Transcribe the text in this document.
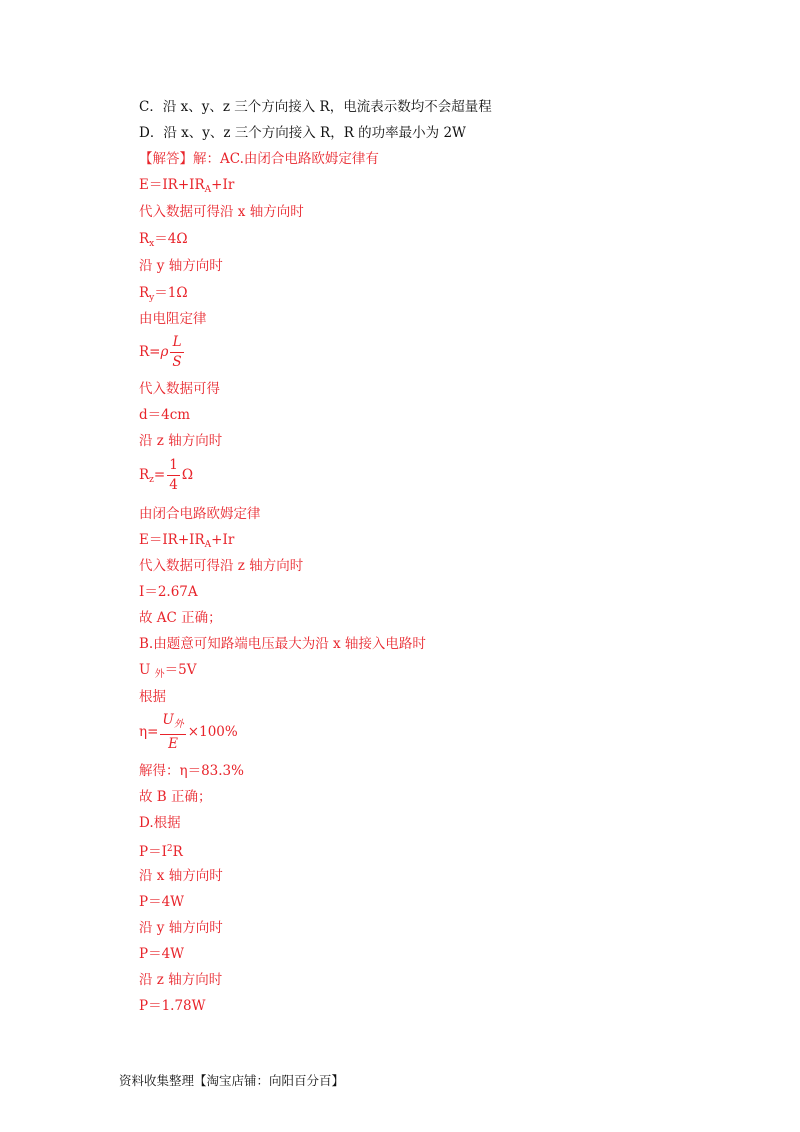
C．沿 x、y、z 三个方向接入 R，电流表示数均不会超量程
D．沿 x、y、z 三个方向接入 R，R 的功率最小为 2W
【解答】解：AC.由闭合电路欧姆定律有
$E=IR+IR_A+Ir$
代入数据可得沿 x 轴方向时
$R_x=4\Omega$
沿 y 轴方向时
$R_y=1\Omega$
由电阻定律
$R=\rho \frac{L}{S}$
代入数据可得
d＝4cm
沿 z 轴方向时
$R_z= \frac{1}{4}$ Ω
由闭合电路欧姆定律
$E=IR+IR_A+Ir$
代入数据可得沿 z 轴方向时
I＝2.67A
故 AC 正确；
B.由题意可知路端电压最大为沿 x 轴接入电路时
U $_外$＝5V
根据
$\eta= \frac{U_外}{E} \times 100\%$
解得：η＝83.3%
故 B 正确；
D.根据
$P=I^2R$
沿 x 轴方向时
P＝4W
沿 y 轴方向时
P＝4W
沿 z 轴方向时
P＝1.78W
资料收集整理【淘宝店铺：向阳百分百】
